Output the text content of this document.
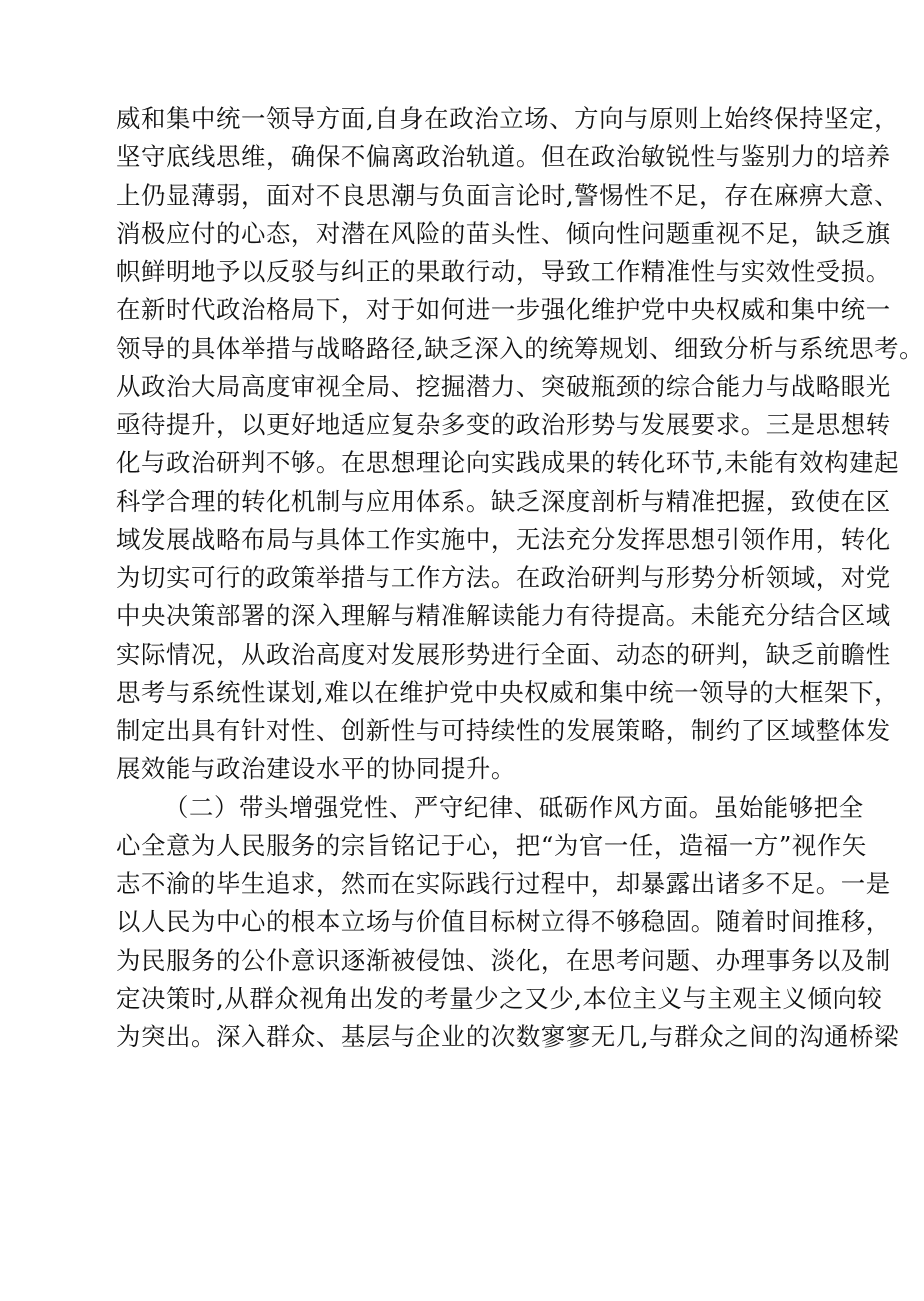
威和集中统一领导方面,自身在政治立场、方向与原则上始终保持坚定，
坚守底线思维，确保不偏离政治轨道。但在政治敏锐性与鉴别力的培养
上仍显薄弱，面对不良思潮与负面言论时,警惕性不足，存在麻痹大意、
消极应付的心态，对潜在风险的苗头性、倾向性问题重视不足，缺乏旗
帜鲜明地予以反驳与纠正的果敢行动，导致工作精准性与实效性受损。
在新时代政治格局下，对于如何进一步强化维护党中央权威和集中统一
领导的具体举措与战略路径,缺乏深入的统筹规划、细致分析与系统思考。
从政治大局高度审视全局、挖掘潜力、突破瓶颈的综合能力与战略眼光
亟待提升，以更好地适应复杂多变的政治形势与发展要求。三是思想转
化与政治研判不够。在思想理论向实践成果的转化环节,未能有效构建起
科学合理的转化机制与应用体系。缺乏深度剖析与精准把握，致使在区
域发展战略布局与具体工作实施中，无法充分发挥思想引领作用，转化
为切实可行的政策举措与工作方法。在政治研判与形势分析领域，对党
中央决策部署的深入理解与精准解读能力有待提高。未能充分结合区域
实际情况，从政治高度对发展形势进行全面、动态的研判，缺乏前瞻性
思考与系统性谋划,难以在维护党中央权威和集中统一领导的大框架下，
制定出具有针对性、创新性与可持续性的发展策略，制约了区域整体发
展效能与政治建设水平的协同提升。
（二）带头增强党性、严守纪律、砥砺作风方面。虽始能够把全
心全意为人民服务的宗旨铭记于心，把“为官一任，造福一方”视作矢
志不渝的毕生追求，然而在实际践行过程中，却暴露出诸多不足。一是
以人民为中心的根本立场与价值目标树立得不够稳固。随着时间推移，
为民服务的公仆意识逐渐被侵蚀、淡化，在思考问题、办理事务以及制
定决策时,从群众视角出发的考量少之又少,本位主义与主观主义倾向较
为突出。深入群众、基层与企业的次数寥寥无几,与群众之间的沟通桥梁
